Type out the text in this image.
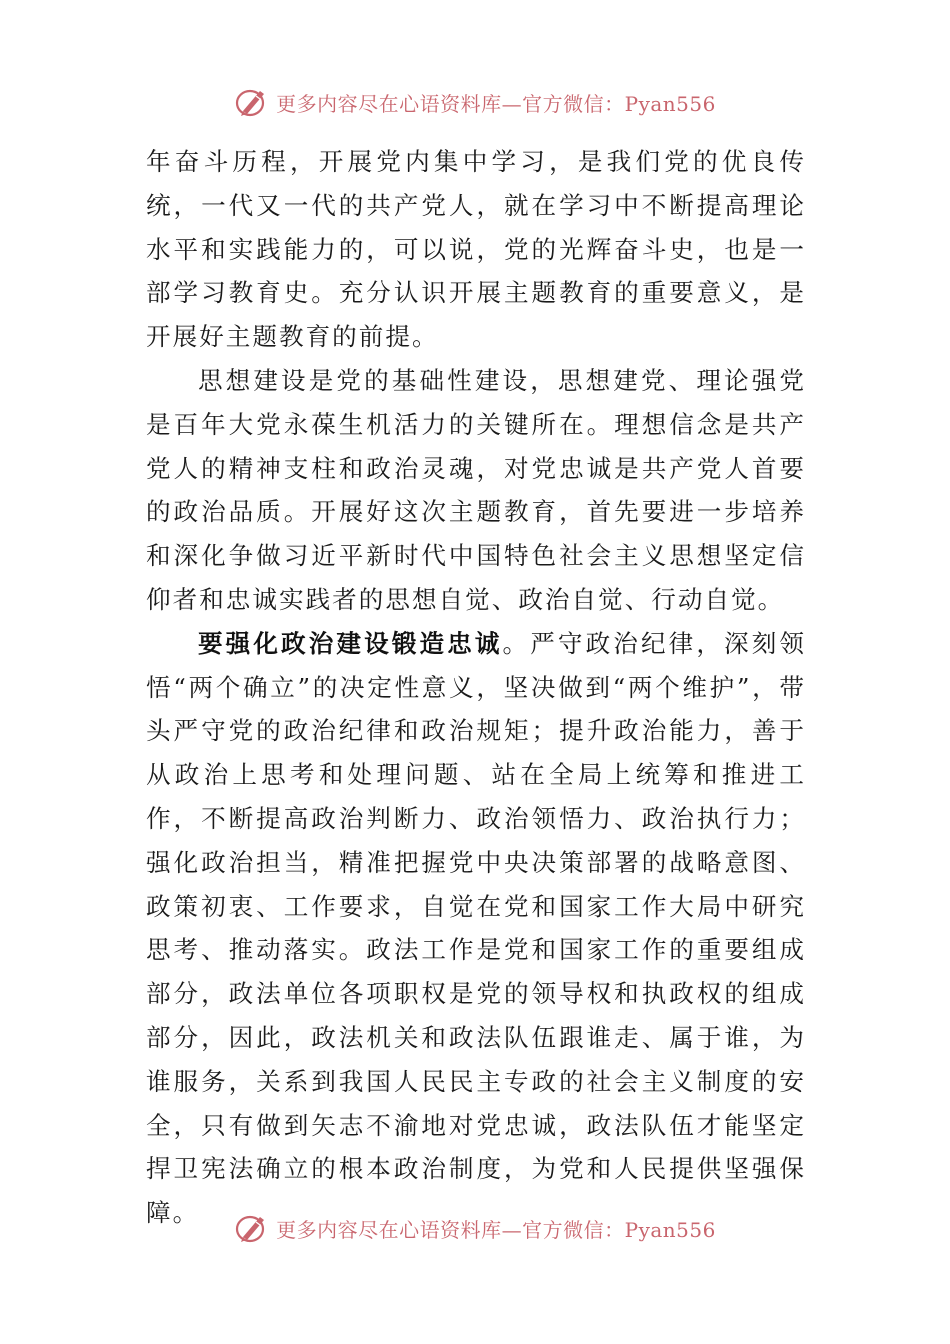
更多内容尽在心语资料库—官方微信：Pyan556

年奋斗历程，开展党内集中学习，是我们党的优良传统，一代又一代的共产党人，就在学习中不断提高理论水平和实践能力的，可以说，党的光辉奋斗史，也是一部学习教育史。充分认识开展主题教育的重要意义，是开展好主题教育的前提。

思想建设是党的基础性建设，思想建党、理论强党是百年大党永葆生机活力的关键所在。理想信念是共产党人的精神支柱和政治灵魂，对党忠诚是共产党人首要的政治品质。开展好这次主题教育，首先要进一步培养和深化争做习近平新时代中国特色社会主义思想坚定信仰者和忠诚实践者的思想自觉、政治自觉、行动自觉。

要强化政治建设锻造忠诚。严守政治纪律，深刻领悟“两个确立”的决定性意义，坚决做到“两个维护”，带头严守党的政治纪律和政治规矩；提升政治能力，善于从政治上思考和处理问题、站在全局上统筹和推进工作，不断提高政治判断力、政治领悟力、政治执行力；强化政治担当，精准把握党中央决策部署的战略意图、政策初衷、工作要求，自觉在党和国家工作大局中研究思考、推动落实。政法工作是党和国家工作的重要组成部分，政法单位各项职权是党的领导权和执政权的组成部分，因此，政法机关和政法队伍跟谁走、属于谁，为谁服务，关系到我国人民民主专政的社会主义制度的安全，只有做到矢志不渝地对党忠诚，政法队伍才能坚定捍卫宪法确立的根本政治制度，为党和人民提供坚强保障。

更多内容尽在心语资料库—官方微信：Pyan556
